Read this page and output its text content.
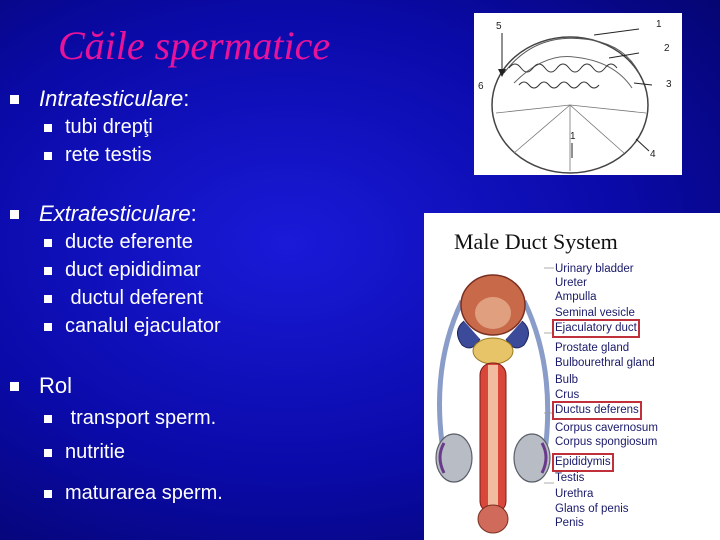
Căile spermatice
Intratesticulare :
tubi drepţi
rete testis
Extratesticulare :
ducte eferente
duct epididimar
ductul deferent
canalul ejaculator
Rol
transport sperm.
nutritie
maturarea sperm.
1
2
3
4
5
6
1
Male Duct System
Urinary bladder
Ureter
Ampulla
Seminal vesicle
Ejaculatory duct
Prostate gland
Bulbourethral gland
Bulb
Crus
Ductus deferens
Corpus cavernosum
Corpus spongiosum
Epididymis
Testis
Urethra
Glans of penis
Penis
